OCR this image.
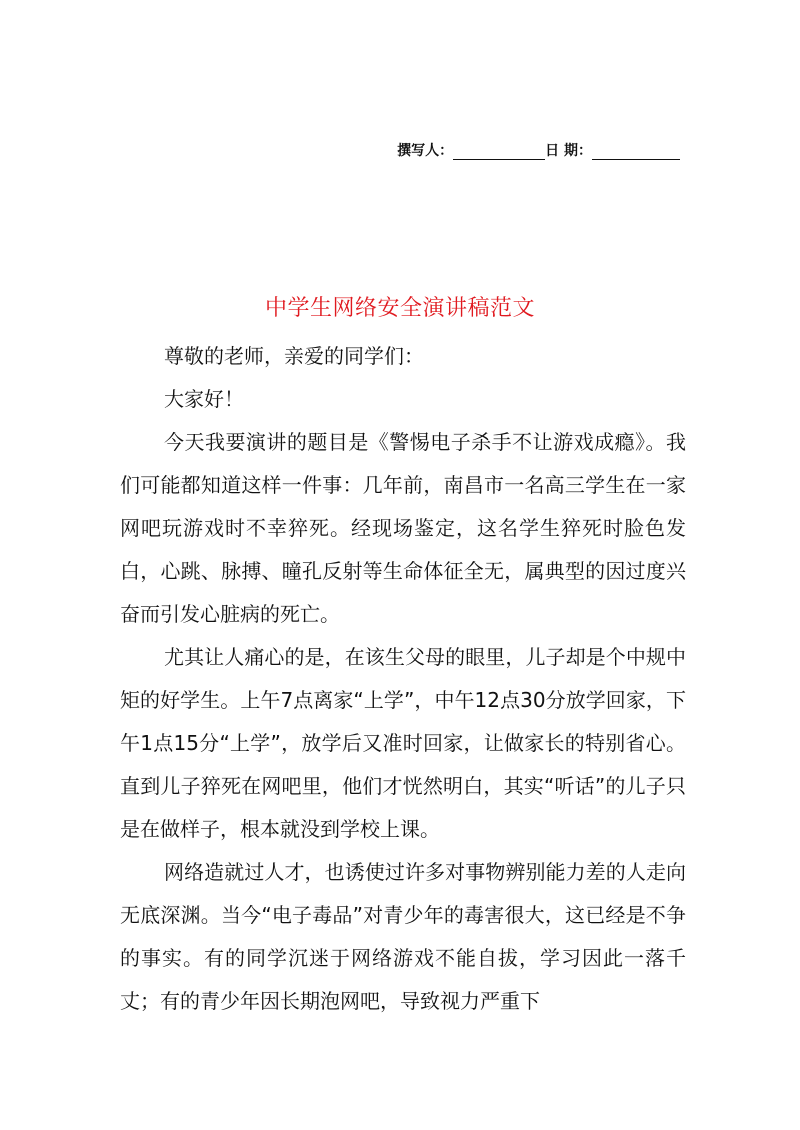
撰写人：	日 期：
中学生网络安全演讲稿范文

尊敬的老师，亲爱的同学们：

大家好！

今天我要演讲的题目是《警惕电子杀手不让游戏成瘾》。我们可能都知道这样一件事：几年前，南昌市一名高三学生在一家网吧玩游戏时不幸猝死。经现场鉴定，这名学生猝死时脸色发白，心跳、脉搏、瞳孔反射等生命体征全无，属典型的因过度兴奋而引发心脏病的死亡。

尤其让人痛心的是，在该生父母的眼里，儿子却是个中规中矩的好学生。上午7点离家“上学”，中午12点30分放学回家，下午1点15分“上学”，放学后又准时回家，让做家长的特别省心。直到儿子猝死在网吧里，他们才恍然明白，其实“听话”的儿子只是在做样子，根本就没到学校上课。

网络造就过人才，也诱使过许多对事物辨别能力差的人走向无底深渊。当今“电子毒品”对青少年的毒害很大，这已经是不争的事实。有的同学沉迷于网络游戏不能自拔，学习因此一落千丈；有的青少年因长期泡网吧，导致视力严重下
